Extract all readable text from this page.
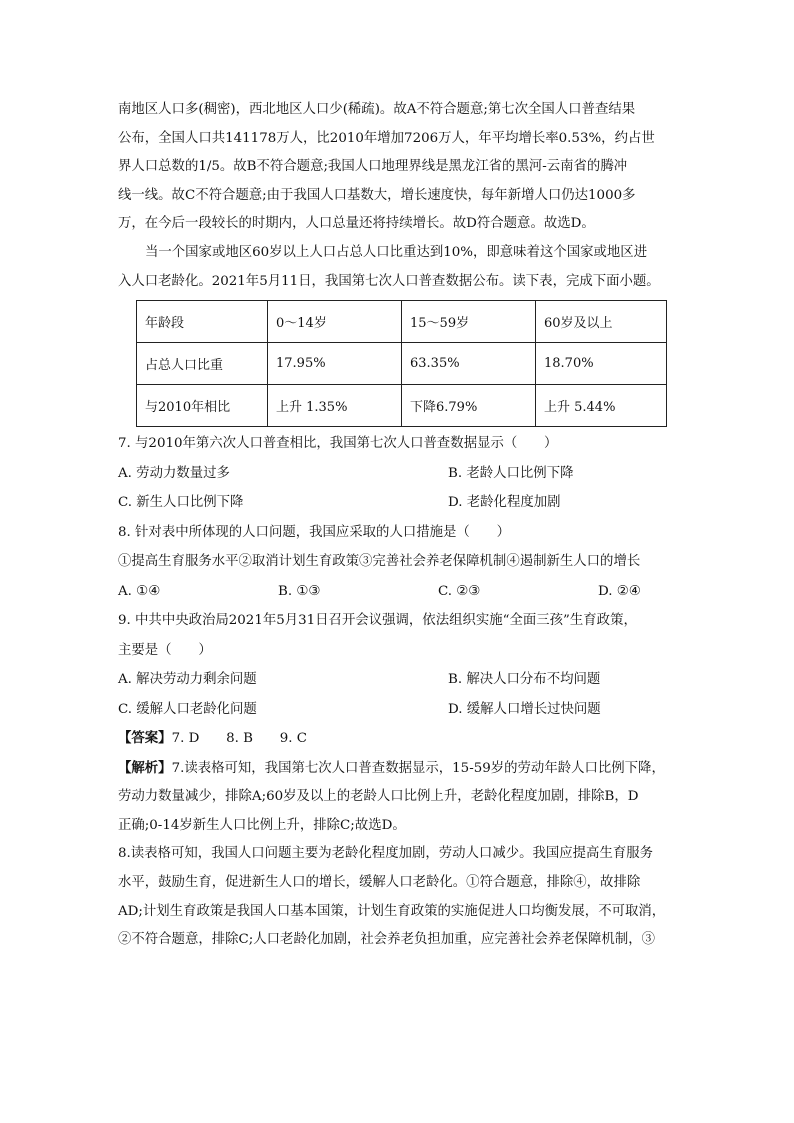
南地区人口多(稠密)，西北地区人口少(稀疏)。故A不符合题意;第七次全国人口普查结果

公布，全国人口共141178万人，比2010年增加7206万人，年平均增长率0.53%，约占世

界人口总数的1/5。故B不符合题意;我国人口地理界线是黑龙江省的黑河-云南省的腾冲

线一线。故C不符合题意;由于我国人口基数大，增长速度快，每年新增人口仍达1000多

万，在今后一段较长的时期内，人口总量还将持续增长。故D符合题意。故选D。

当一个国家或地区60岁以上人口占总人口比重达到10%，即意味着这个国家或地区进

入人口老龄化。2021年5月11日，我国第七次人口普查数据公布。读下表，完成下面小题。

年龄段	0～14岁	15～59岁	60岁及以上
占总人口比重	17.95%	63.35%	18.70%
与2010年相比	上升 1.35%	下降6.79%	上升 5.44%

7. 与2010年第六次人口普查相比，我国第七次人口普查数据显示（　　）

A. 劳动力数量过多	B. 老龄人口比例下降
C. 新生人口比例下降	D. 老龄化程度加剧

8. 针对表中所体现的人口问题，我国应采取的人口措施是（　　）

①提高生育服务水平②取消计划生育政策③完善社会养老保障机制④遏制新生人口的增长

A. ①④	B. ①③	C. ②③	D. ②④

9. 中共中央政治局2021年5月31日召开会议强调，依法组织实施“全面三孩”生育政策，

主要是（　　）

A. 解决劳动力剩余问题	B. 解决人口分布不均问题
C. 缓解人口老龄化问题	D. 缓解人口增长过快问题

【答案】7. D　　8. B　　9. C

【解析】7.读表格可知，我国第七次人口普查数据显示，15-59岁的劳动年龄人口比例下降，

劳动力数量减少，排除A;60岁及以上的老龄人口比例上升，老龄化程度加剧，排除B，D

正确;0-14岁新生人口比例上升，排除C;故选D。

8.读表格可知，我国人口问题主要为老龄化程度加剧，劳动人口减少。我国应提高生育服务

水平，鼓励生育，促进新生人口的增长，缓解人口老龄化。①符合题意，排除④，故排除

AD;计划生育政策是我国人口基本国策，计划生育政策的实施促进人口均衡发展，不可取消，

②不符合题意，排除C;人口老龄化加剧，社会养老负担加重，应完善社会养老保障机制，③
